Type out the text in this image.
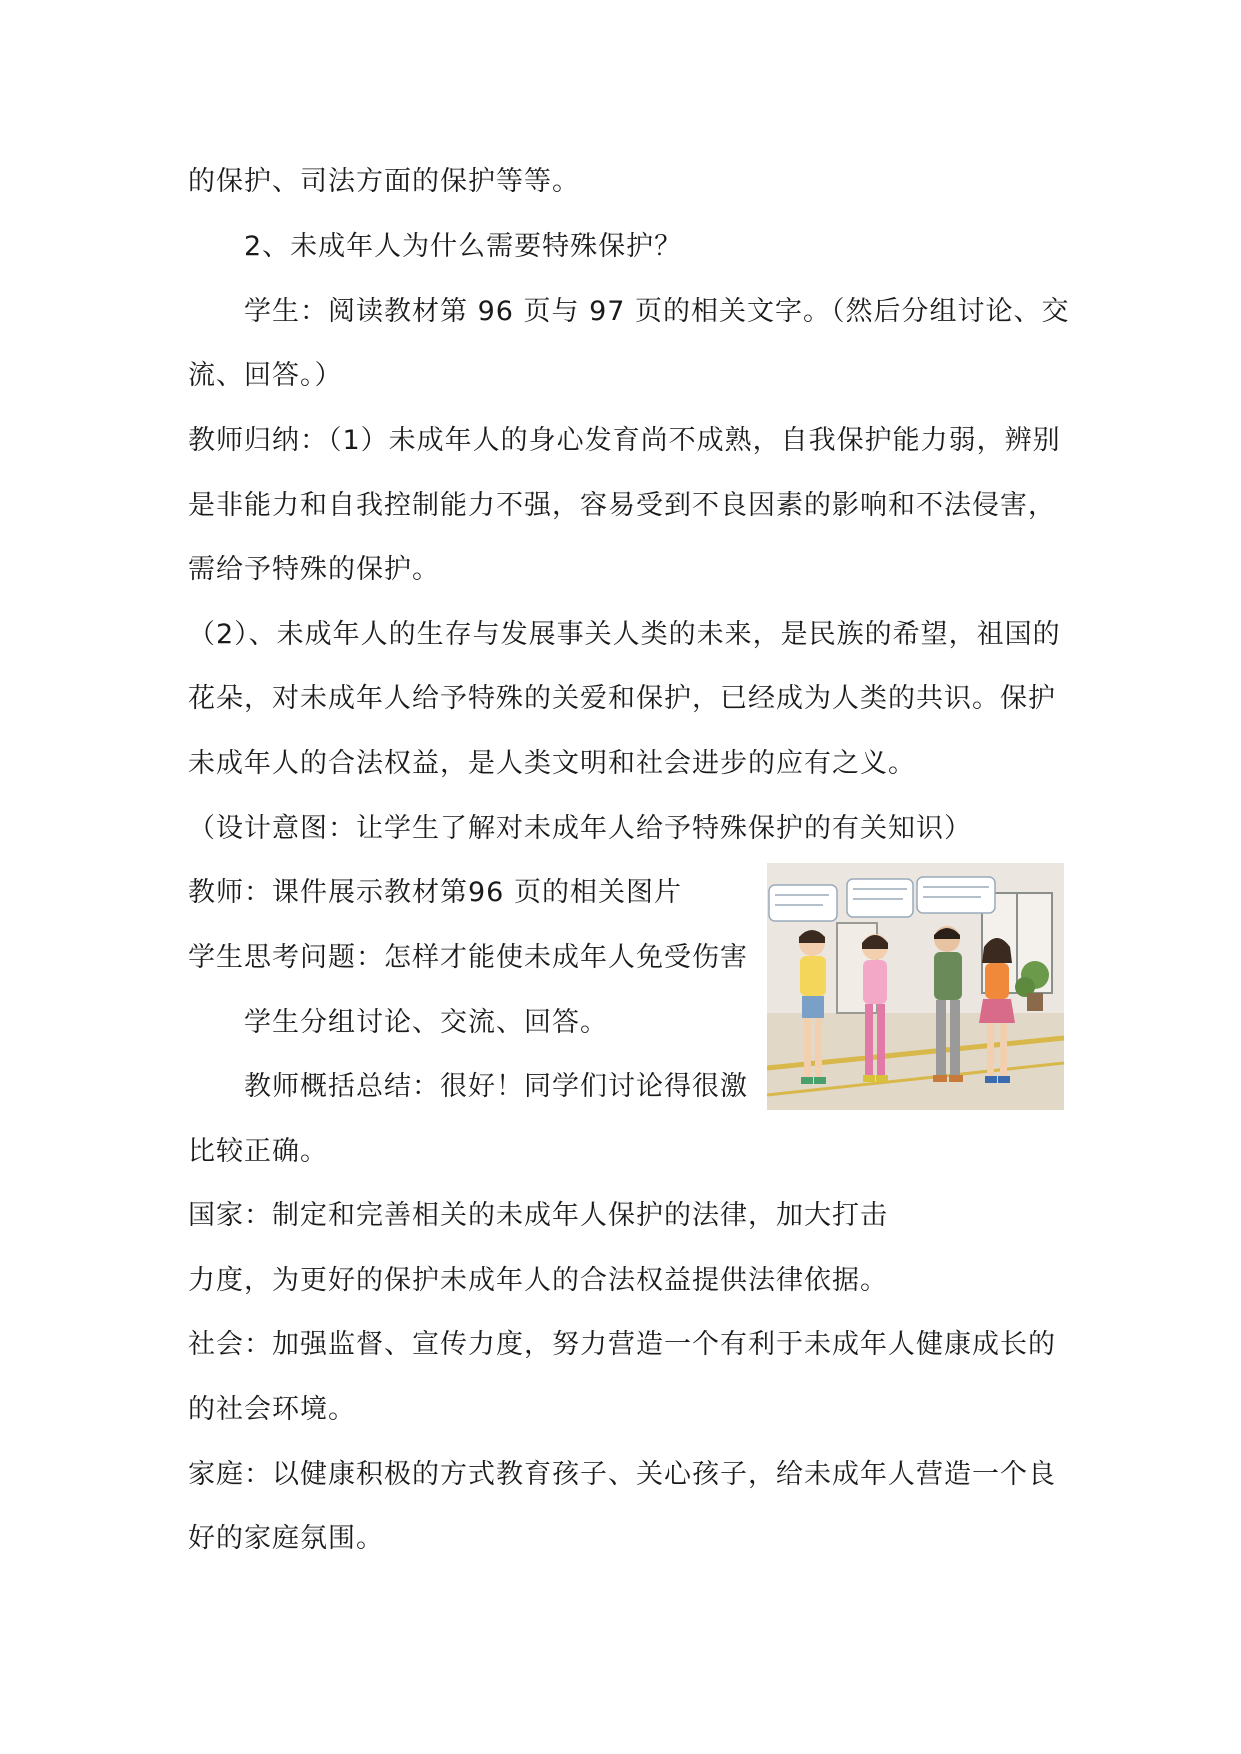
的保护、司法方面的保护等等。
2、未成年人为什么需要特殊保护？
学生：阅读教材第 96 页与 97 页的相关文字。（然后分组讨论、交
流、回答。）
教师归纳：（1）未成年人的身心发育尚不成熟，自我保护能力弱，辨别
是非能力和自我控制能力不强，容易受到不良因素的影响和不法侵害，
需给予特殊的保护。
（2）、未成年人的生存与发展事关人类的未来，是民族的希望，祖国的
花朵，对未成年人给予特殊的关爱和保护，已经成为人类的共识。保护
未成年人的合法权益，是人类文明和社会进步的应有之义。
（设计意图：让学生了解对未成年人给予特殊保护的有关知识）
教师：课件展示教材第96 页的相关图片
学生思考问题：怎样才能使未成年人免受伤害
学生分组讨论、交流、回答。
教师概括总结：很好！同学们讨论得很激
比较正确。
国家：制定和完善相关的未成年人保护的法律，加大打击
力度，为更好的保护未成年人的合法权益提供法律依据。
社会：加强监督、宣传力度，努力营造一个有利于未成年人健康成长的
的社会环境。
家庭：以健康积极的方式教育孩子、关心孩子，给未成年人营造一个良
好的家庭氛围。
